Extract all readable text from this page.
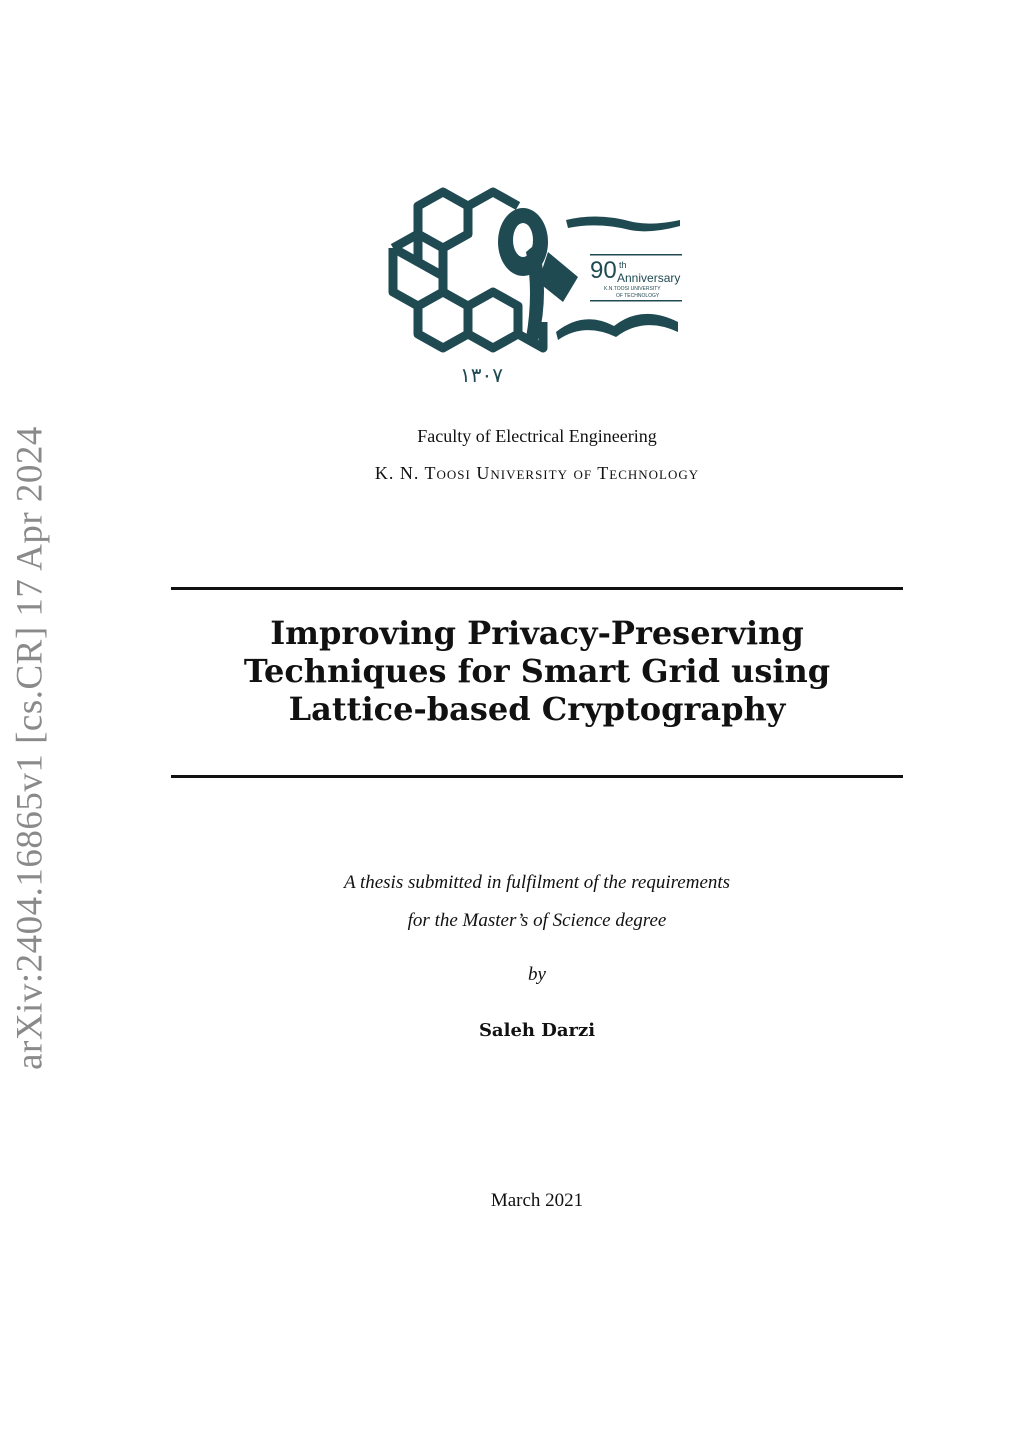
arXiv:2404.16865v1 [cs.CR] 17 Apr 2024
90 th
Anniversary
K.N.TOOSI UNIVERSITY
OF TECHNOLOGY
۱۳۰۷
Faculty of Electrical Engineering
K. N. Toosi University of Technology
Improving Privacy-Preserving Techniques for Smart Grid using Lattice-based Cryptography
A thesis submitted in fulfilment of the requirements
for the Master’s of Science degree
by
Saleh Darzi
March 2021
